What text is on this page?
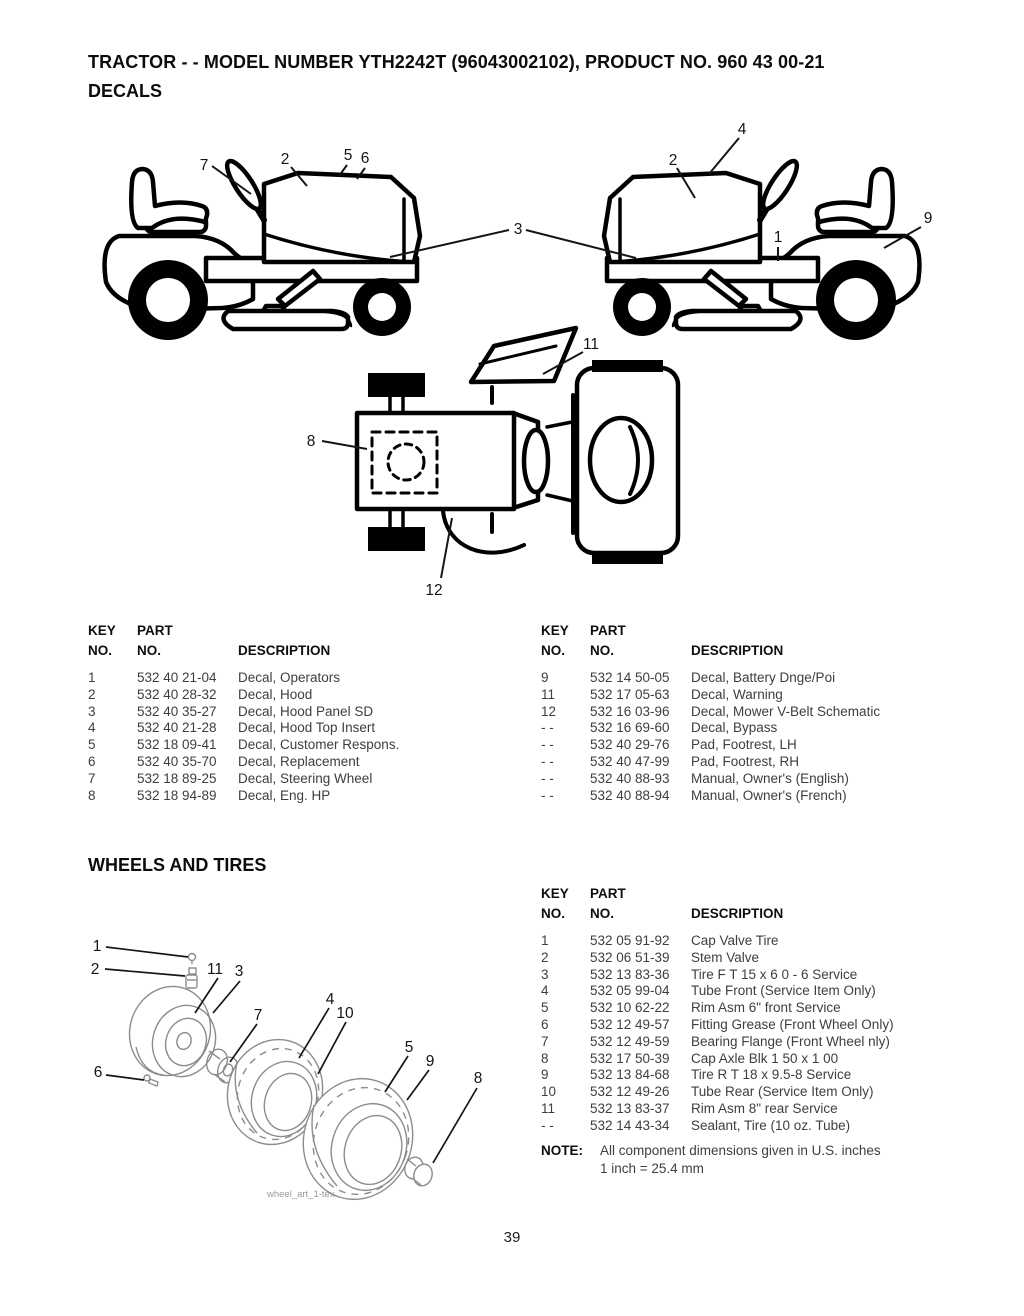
TRACTOR - - MODEL NUMBER YTH2242T (96043002102), PRODUCT NO. 960 43 00-21
DECALS
WHEELS AND TIRES
7	2	5 6
3
4
2
1
9
11
8
12
1
2	11 3
7
4
10
5
9
6	8
wheel_art_1-tex
KEY	PART
NO.	NO.	DESCRIPTION
1	532 40 21-04	Decal, Operators
2	532 40 28-32	Decal, Hood
3	532 40 35-27	Decal, Hood Panel SD
4	532 40 21-28	Decal, Hood Top Insert
5	532 18 09-41	Decal, Customer Respons.
6	532 40 35-70	Decal, Replacement
7	532 18 89-25	Decal, Steering Wheel
8	532 18 94-89	Decal, Eng. HP
KEY	PART
NO.	NO.	DESCRIPTION
9	532 14 50-05	Decal, Battery Dnge/Poi
11	532 17 05-63	Decal, Warning
12	532 16 03-96	Decal, Mower V-Belt Schematic
- -	532 16 69-60	Decal, Bypass
- -	532 40 29-76	Pad, Footrest, LH
- -	532 40 47-99	Pad, Footrest, RH
- -	532 40 88-93	Manual, Owner's (English)
- -	532 40 88-94	Manual, Owner's (French)
KEY	PART
NO.	NO.	DESCRIPTION
1	532 05 91-92	Cap Valve Tire
2	532 06 51-39	Stem Valve
3	532 13 83-36	Tire F T 15 x 6 0 - 6 Service
4	532 05 99-04	Tube Front (Service Item Only)
5	532 10 62-22	Rim Asm 6" front Service
6	532 12 49-57	Fitting Grease (Front Wheel Only)
7	532 12 49-59	Bearing Flange (Front Wheel nly)
8	532 17 50-39	Cap Axle Blk 1 50 x 1 00
9	532 13 84-68	Tire R T 18 x 9.5-8 Service
10	532 12 49-26	Tube Rear (Service Item Only)
11	532 13 83-37	Rim Asm 8" rear Service
- -	532 14 43-34	Sealant, Tire (10 oz. Tube)
NOTE:	All component dimensions given in U.S. inches
1 inch = 25.4 mm
39
